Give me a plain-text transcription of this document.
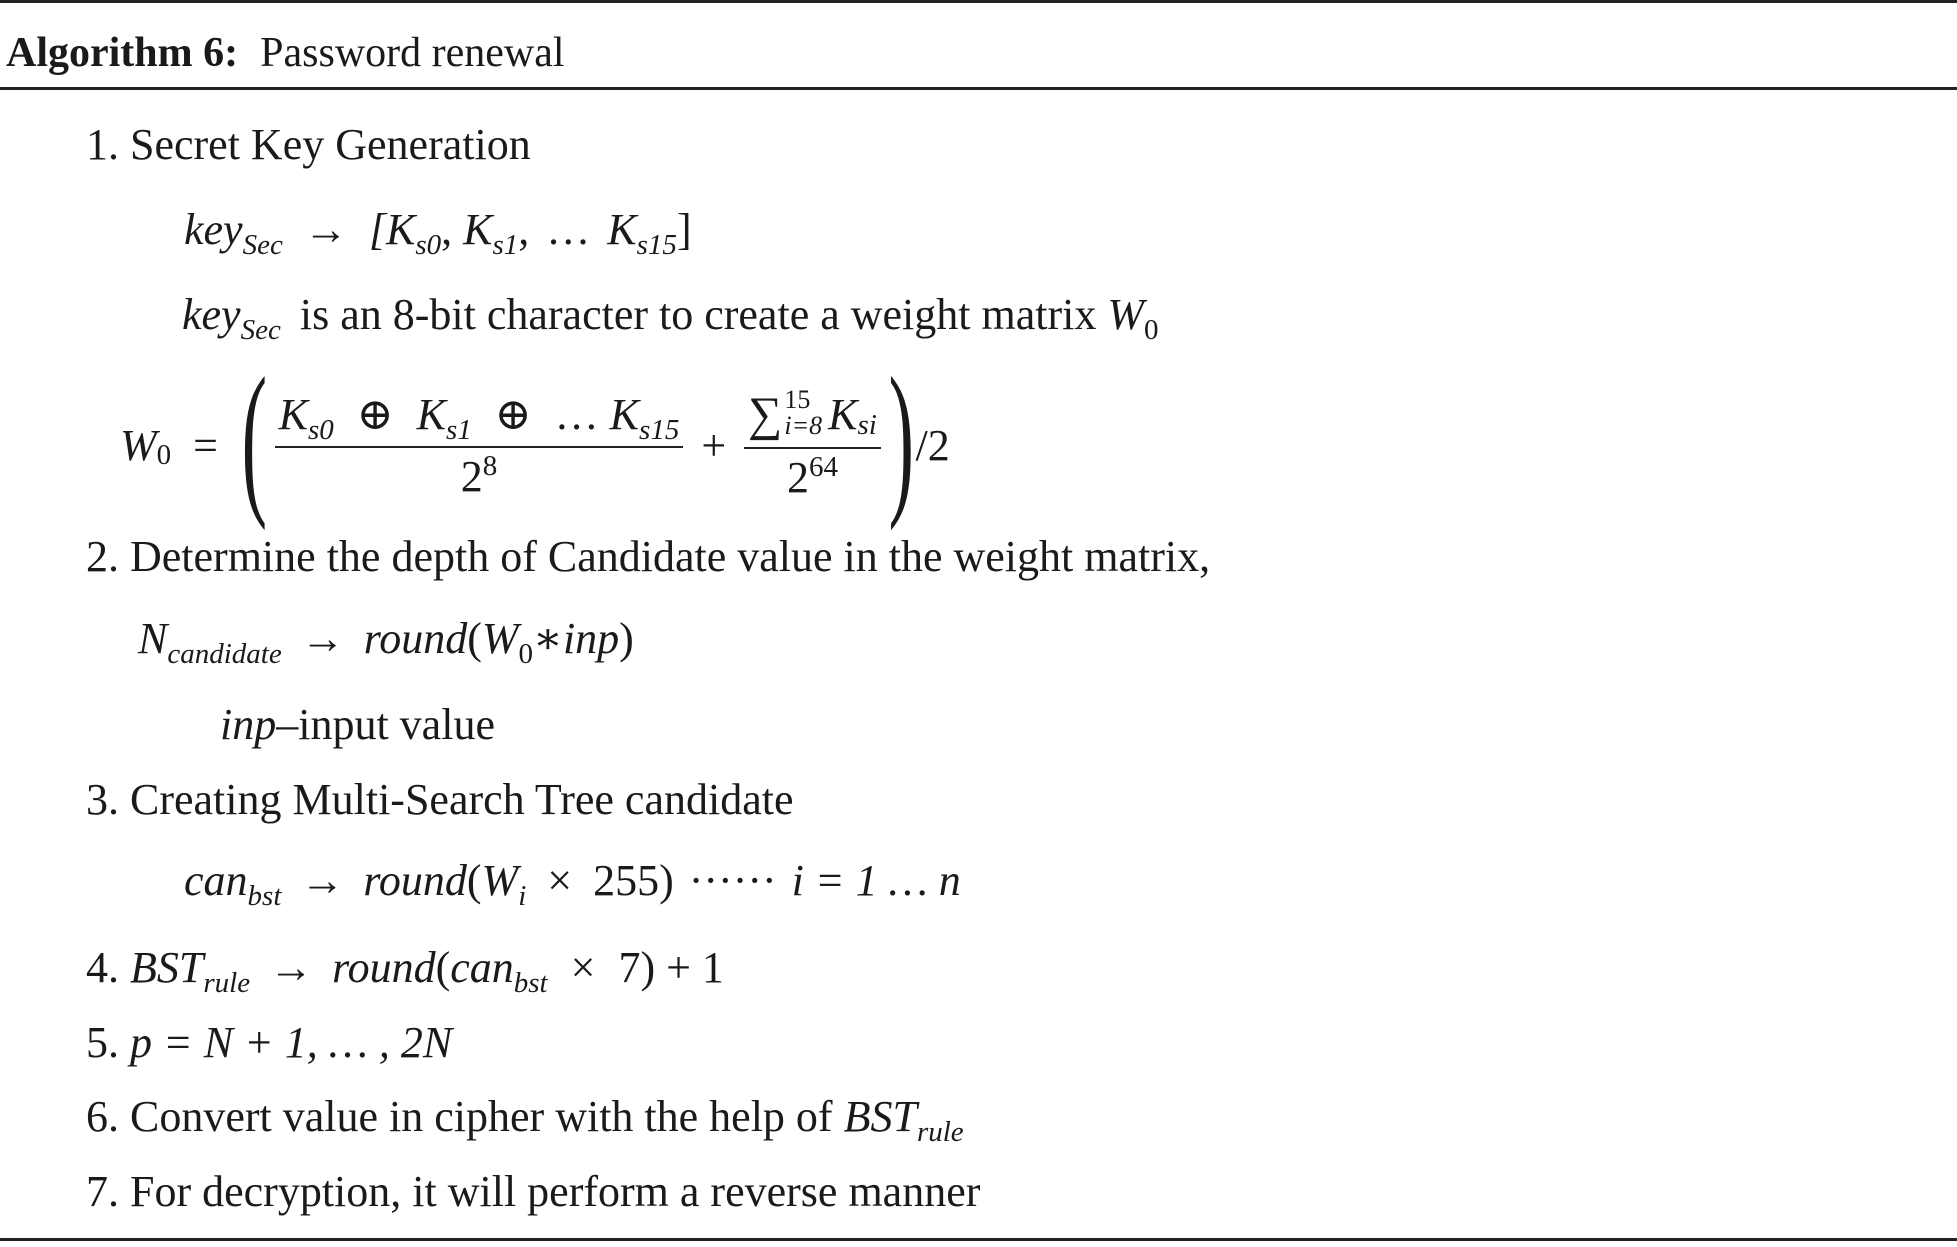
Algorithm 6: Password renewal
1. Secret Key Generation
$key_{Sec} \to [K_{s0}$, $K_{s1}$, … $K_{s15}$]
key$_{Sec}$ is an 8-bit character to create a weight matrix $W_0$
$W_0$ = ( $\frac{K_{s0} \oplus K_{s1} \oplus \dots K_{s15}}{2^8}$ + ∑ 15
i=8 $K_{si}$
$2^{64}$ ) /2
2. Determine the depth of Candidate value in the weight matrix,
$N_{candidate}$ → $round(W_0∗inp)$
inp–input value
3. Creating Multi-Search Tree candidate
$can_{bst} \to round(W_i \times 255)$ ······ i = 1 … n
4. $BST_{rule}$ → round(can$_{bst}$ × 7) + 1
5. p = N + 1, … , 2N
6. Convert value in cipher with the help of $BST_{rule}$
7. For decryption, it will perform a reverse manner
